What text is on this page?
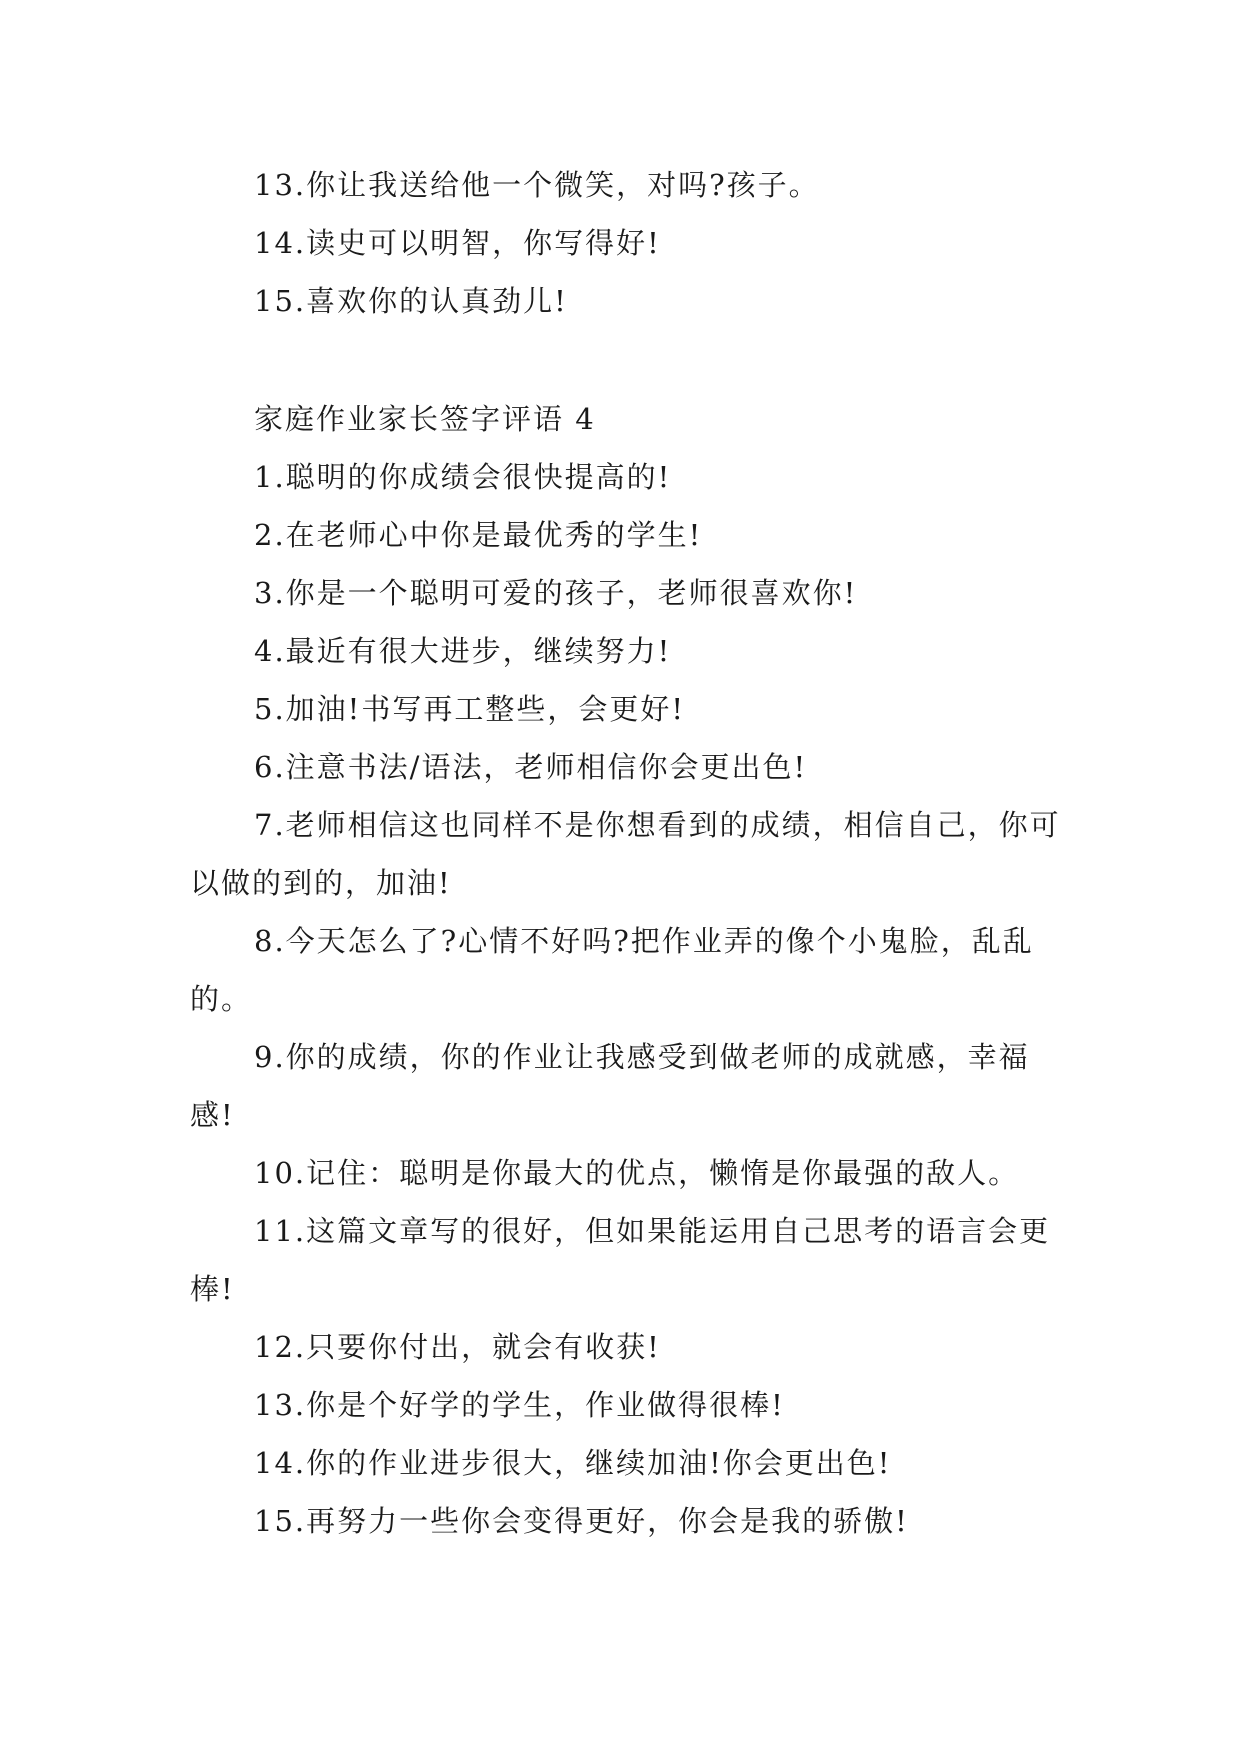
13.你让我送给他一个微笑，对吗?孩子。
14.读史可以明智，你写得好!
15.喜欢你的认真劲儿!
家庭作业家长签字评语 4
1.聪明的你成绩会很快提高的!
2.在老师心中你是最优秀的学生!
3.你是一个聪明可爱的孩子，老师很喜欢你!
4.最近有很大进步，继续努力!
5.加油!书写再工整些，会更好!
6.注意书法/语法，老师相信你会更出色!
7.老师相信这也同样不是你想看到的成绩，相信自己，你可以做的到的，加油!
8.今天怎么了?心情不好吗?把作业弄的像个小鬼脸，乱乱的。
9.你的成绩，你的作业让我感受到做老师的成就感，幸福感!
10.记住：聪明是你最大的优点，懒惰是你最强的敌人。
11.这篇文章写的很好，但如果能运用自己思考的语言会更棒!
12.只要你付出，就会有收获!
13.你是个好学的学生，作业做得很棒!
14.你的作业进步很大，继续加油!你会更出色!
15.再努力一些你会变得更好，你会是我的骄傲!
